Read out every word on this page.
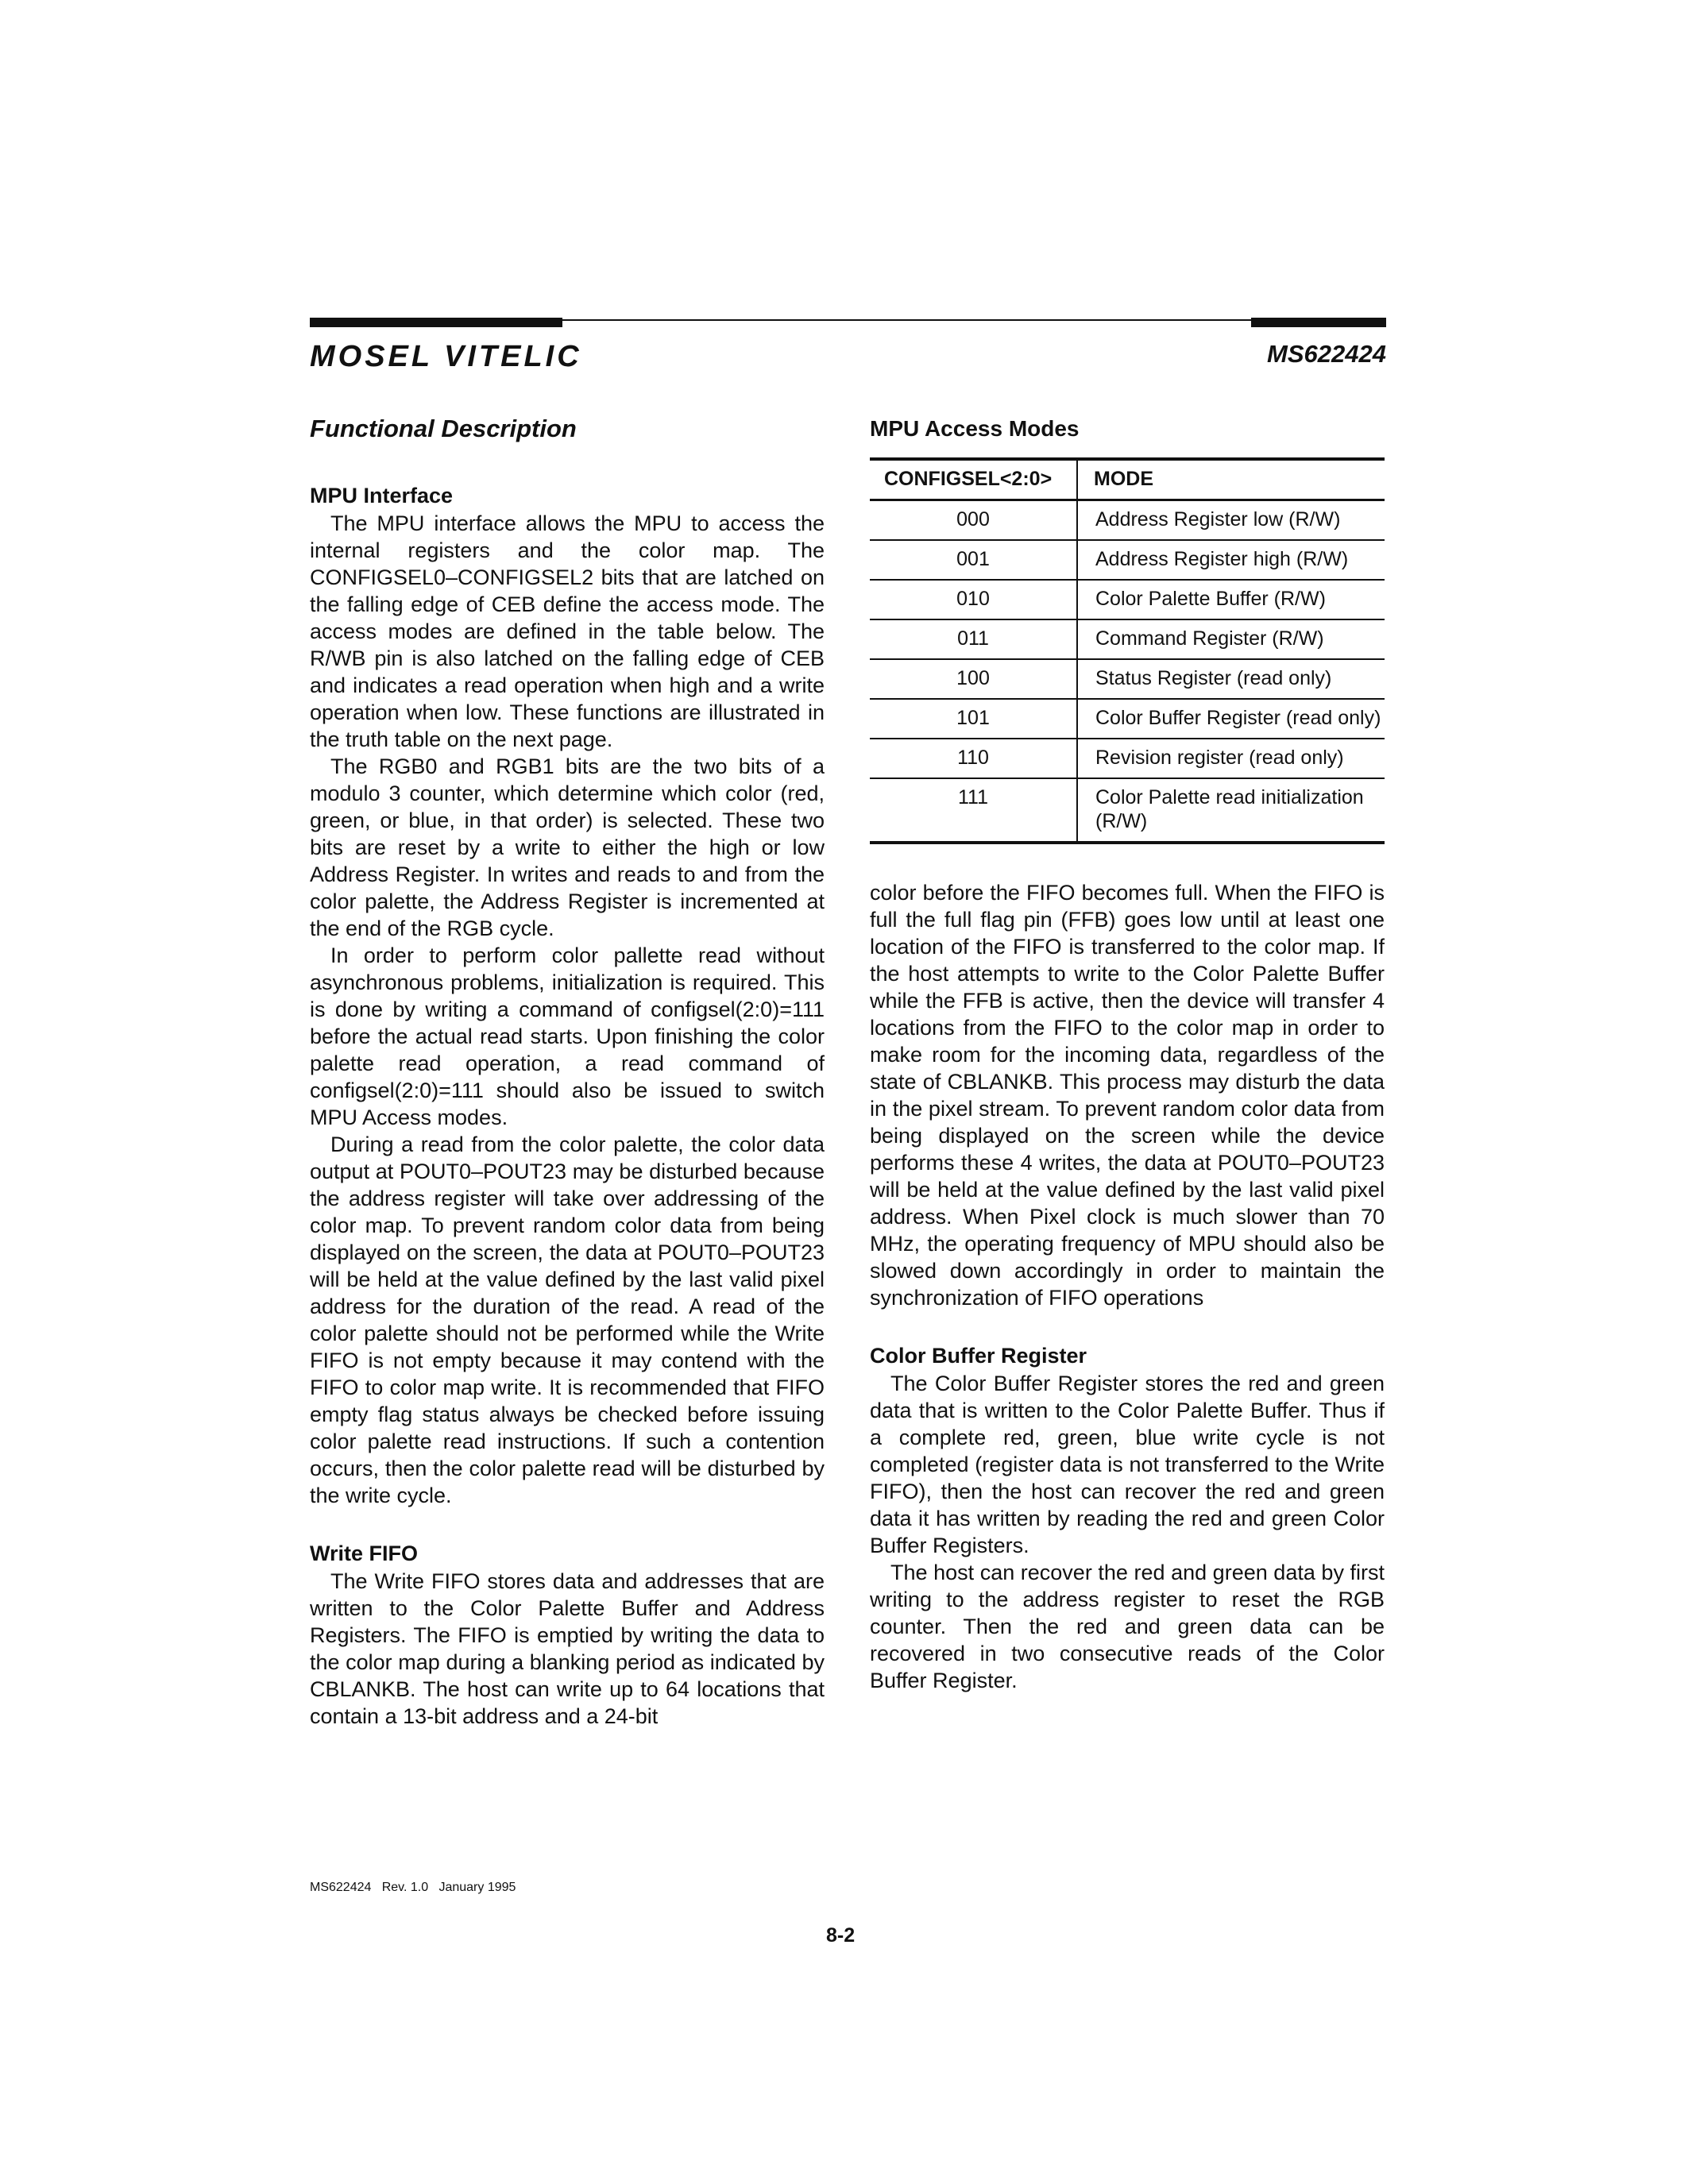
MOSEL VITELIC	MS622424

Functional Description

MPU Interface

The MPU interface allows the MPU to access the internal registers and the color map. The CONFIGSEL0–CONFIGSEL2 bits that are latched on the falling edge of CEB define the access mode. The access modes are defined in the table below. The R/WB pin is also latched on the falling edge of CEB and indicates a read operation when high and a write operation when low. These functions are illustrated in the truth table on the next page.

The RGB0 and RGB1 bits are the two bits of a modulo 3 counter, which determine which color (red, green, or blue, in that order) is selected. These two bits are reset by a write to either the high or low Address Register. In writes and reads to and from the color palette, the Address Register is incremented at the end of the RGB cycle.

In order to perform color pallette read without asynchronous problems, initialization is required. This is done by writing a command of configsel(2:0)=111 before the actual read starts. Upon finishing the color palette read operation, a read command of configsel(2:0)=111 should also be issued to switch MPU Access modes.

During a read from the color palette, the color data output at POUT0–POUT23 may be disturbed because the address register will take over addressing of the color map. To prevent random color data from being displayed on the screen, the data at POUT0–POUT23 will be held at the value defined by the last valid pixel address for the duration of the read. A read of the color palette should not be performed while the Write FIFO is not empty because it may contend with the FIFO to color map write. It is recommended that FIFO empty flag status always be checked before issuing color palette read instructions. If such a contention occurs, then the color palette read will be disturbed by the write cycle.

Write FIFO

The Write FIFO stores data and addresses that are written to the Color Palette Buffer and Address Registers. The FIFO is emptied by writing the data to the color map during a blanking period as indicated by CBLANKB. The host can write up to 64 locations that contain a 13-bit address and a 24-bit

MPU Access Modes

CONFIGSEL<2:0>	MODE
000	Address Register low (R/W)
001	Address Register high (R/W)
010	Color Palette Buffer (R/W)
011	Command Register (R/W)
100	Status Register (read only)
101	Color Buffer Register (read only)
110	Revision register (read only)
111	Color Palette read initialization (R/W)

color before the FIFO becomes full. When the FIFO is full the full flag pin (FFB) goes low until at least one location of the FIFO is transferred to the color map. If the host attempts to write to the Color Palette Buffer while the FFB is active, then the device will transfer 4 locations from the FIFO to the color map in order to make room for the incoming data, regardless of the state of CBLANKB. This process may disturb the data in the pixel stream. To prevent random color data from being displayed on the screen while the device performs these 4 writes, the data at POUT0–POUT23 will be held at the value defined by the last valid pixel address. When Pixel clock is much slower than 70 MHz, the operating frequency of MPU should also be slowed down accordingly in order to maintain the synchronization of FIFO operations

Color Buffer Register

The Color Buffer Register stores the red and green data that is written to the Color Palette Buffer. Thus if a complete red, green, blue write cycle is not completed (register data is not transferred to the Write FIFO), then the host can recover the red and green data it has written by reading the red and green Color Buffer Registers.

The host can recover the red and green data by first writing to the address register to reset the RGB counter. Then the red and green data can be recovered in two consecutive reads of the Color Buffer Register.

MS622424   Rev. 1.0   January 1995
8-2
